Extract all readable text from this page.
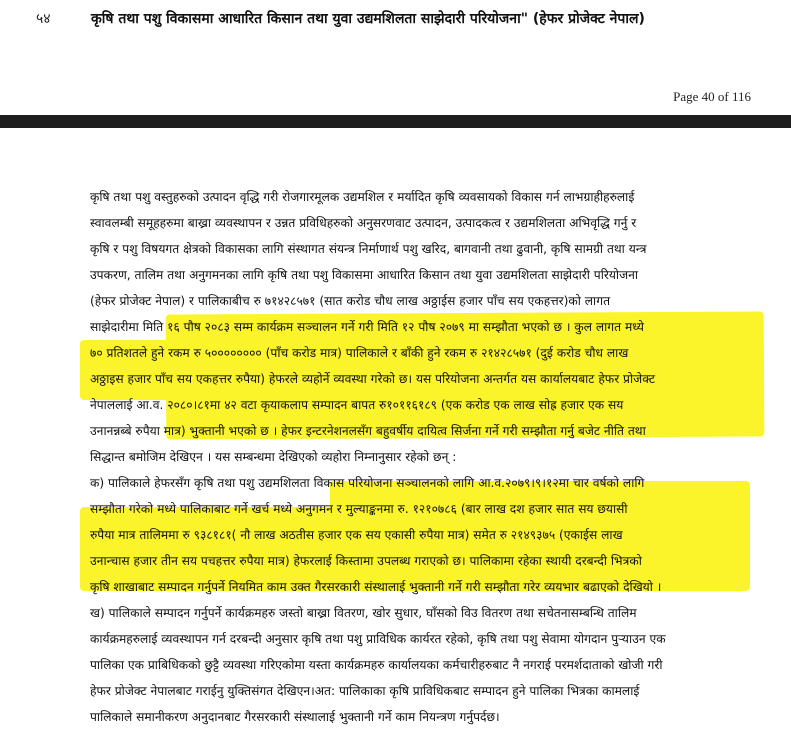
५४	कृषि तथा पशु विकासमा आधारित किसान तथा युवा उद्यमशिलता साझेदारी परियोजना" (हेफर प्रोजेक्ट नेपाल)
Page 40 of 116
कृषि तथा पशु वस्तुहरुको उत्पादन वृद्धि गरी रोजगारमूलक उद्यमशिल र मर्यादित कृषि व्यवसायको विकास गर्न लाभग्राहीहरुलाई
स्वावलम्बी समूहहरुमा बाख्रा व्यवस्थापन र उन्नत प्रविधिहरुको अनुसरणवाट उत्पादन, उत्पादकत्व र उद्यमशिलता अभिवृद्धि गर्नु र
कृषि र पशु विषयगत क्षेत्रको विकासका लागि संस्थागत संयन्त्र निर्माणार्थ पशु खरिद, बागवानी तथा ढुवानी, कृषि सामग्री तथा यन्त्र
उपकरण, तालिम तथा अनुगमनका लागि कृषि तथा पशु विकासमा आधारित किसान तथा युवा उद्यमशिलता साझेदारी परियोजना
(हेफर प्रोजेक्ट नेपाल) र पालिकाबीच रु ७१४२८५७१ (सात करोड चौध लाख अठ्ठाईस हजार पाँच सय एकहत्तर)को लागत
साझेदारीमा मिति १६ पौष २०८३ सम्म कार्यक्रम सञ्चालन गर्ने गरी मिति १२ पौष २०७९ मा सम्झौता भएको छ । कुल लागत मध्ये
७० प्रतिशतले हुने रकम रु ५०००००००० (पाँच करोड मात्र) पालिकाले र बाँकी हुने रकम रु २१४२८५७१ (दुई करोड चौध लाख
अठ्ठाइस हजार पाँच सय एकहत्तर रुपैया) हेफरले व्यहोर्ने व्यवस्था गरेको छ। यस परियोजना अन्तर्गत यस कार्यालयबाट हेफर प्रोजेक्ट
नेपाललाई आ.व. २०८०।८१मा ४२ वटा कृयाकलाप सम्पादन बापत रु१०११६१८९ (एक करोड एक लाख सोह्र हजार एक सय
उनानन्नब्बे रुपैया मात्र) भुक्तानी भएको छ । हेफर इन्टरनेशनलसँग बहुवर्षीय दायित्व सिर्जना गर्ने गरी सम्झौता गर्नु बजेट नीति तथा
सिद्धान्त बमोजिम देखिएन । यस सम्बन्धमा देखिएको व्यहोरा निम्नानुसार रहेको छन् :
क) पालिकाले हेफरसँग कृषि तथा पशु उद्यमशिलता विकास परियोजना सञ्चालनको लागि आ.व.२०७९।९।१२मा चार वर्षको लागि
सम्झौता गरेको मध्ये पालिकाबाट गर्ने खर्च मध्ये अनुगमन र मुल्याङ्कनमा रु. १२१०७८६ (बार लाख दश हजार सात सय छयासी
रुपैया मात्र तालिममा रु ९३८१८१( नौ लाख अठतीस हजार एक सय एकासी रुपैया मात्र) समेत रु २१४९३७५ (एकाईस लाख
उनान्चास हजार तीन सय पचहत्तर रुपैया मात्र) हेफरलाई किस्तामा उपलब्ध गराएको छ। पालिकामा रहेका स्थायी दरबन्दी भित्रको
कृषि शाखाबाट सम्पादन गर्नुपर्ने नियमित काम उक्त गैरसरकारी संस्थालाई भुक्तानी गर्ने गरी सम्झौता गरेर व्ययभार बढाएको देखियो ।
ख) पालिकाले सम्पादन गर्नुपर्ने कार्यक्रमहरु जस्तो बाख्रा वितरण, खोर सुधार, घाँसको विउ वितरण तथा सचेतनासम्बन्धि तालिम
कार्यक्रमहरुलाई व्यवस्थापन गर्न दरबन्दी अनुसार कृषि तथा पशु प्राविधिक कार्यरत रहेको, कृषि तथा पशु सेवामा योगदान पुर्‍याउन एक
पालिका एक प्राबिधिकको छुट्टै व्यवस्था गरिएकोमा यस्ता कार्यक्रमहरु कार्यालयका कर्मचारीहरुबाट नै नगराई परमर्शदाताको खोजी गरी
हेफर प्रोजेक्ट नेपालबाट गराईनु युक्तिसंगत देखिएन।अत: पालिकाका कृषि प्राविधिकबाट सम्पादन हुने पालिका भित्रका कामलाई
पालिकाले समानीकरण अनुदानबाट गैरसरकारी संस्थालाई भुक्तानी गर्ने काम नियन्त्रण गर्नुपर्दछ।
